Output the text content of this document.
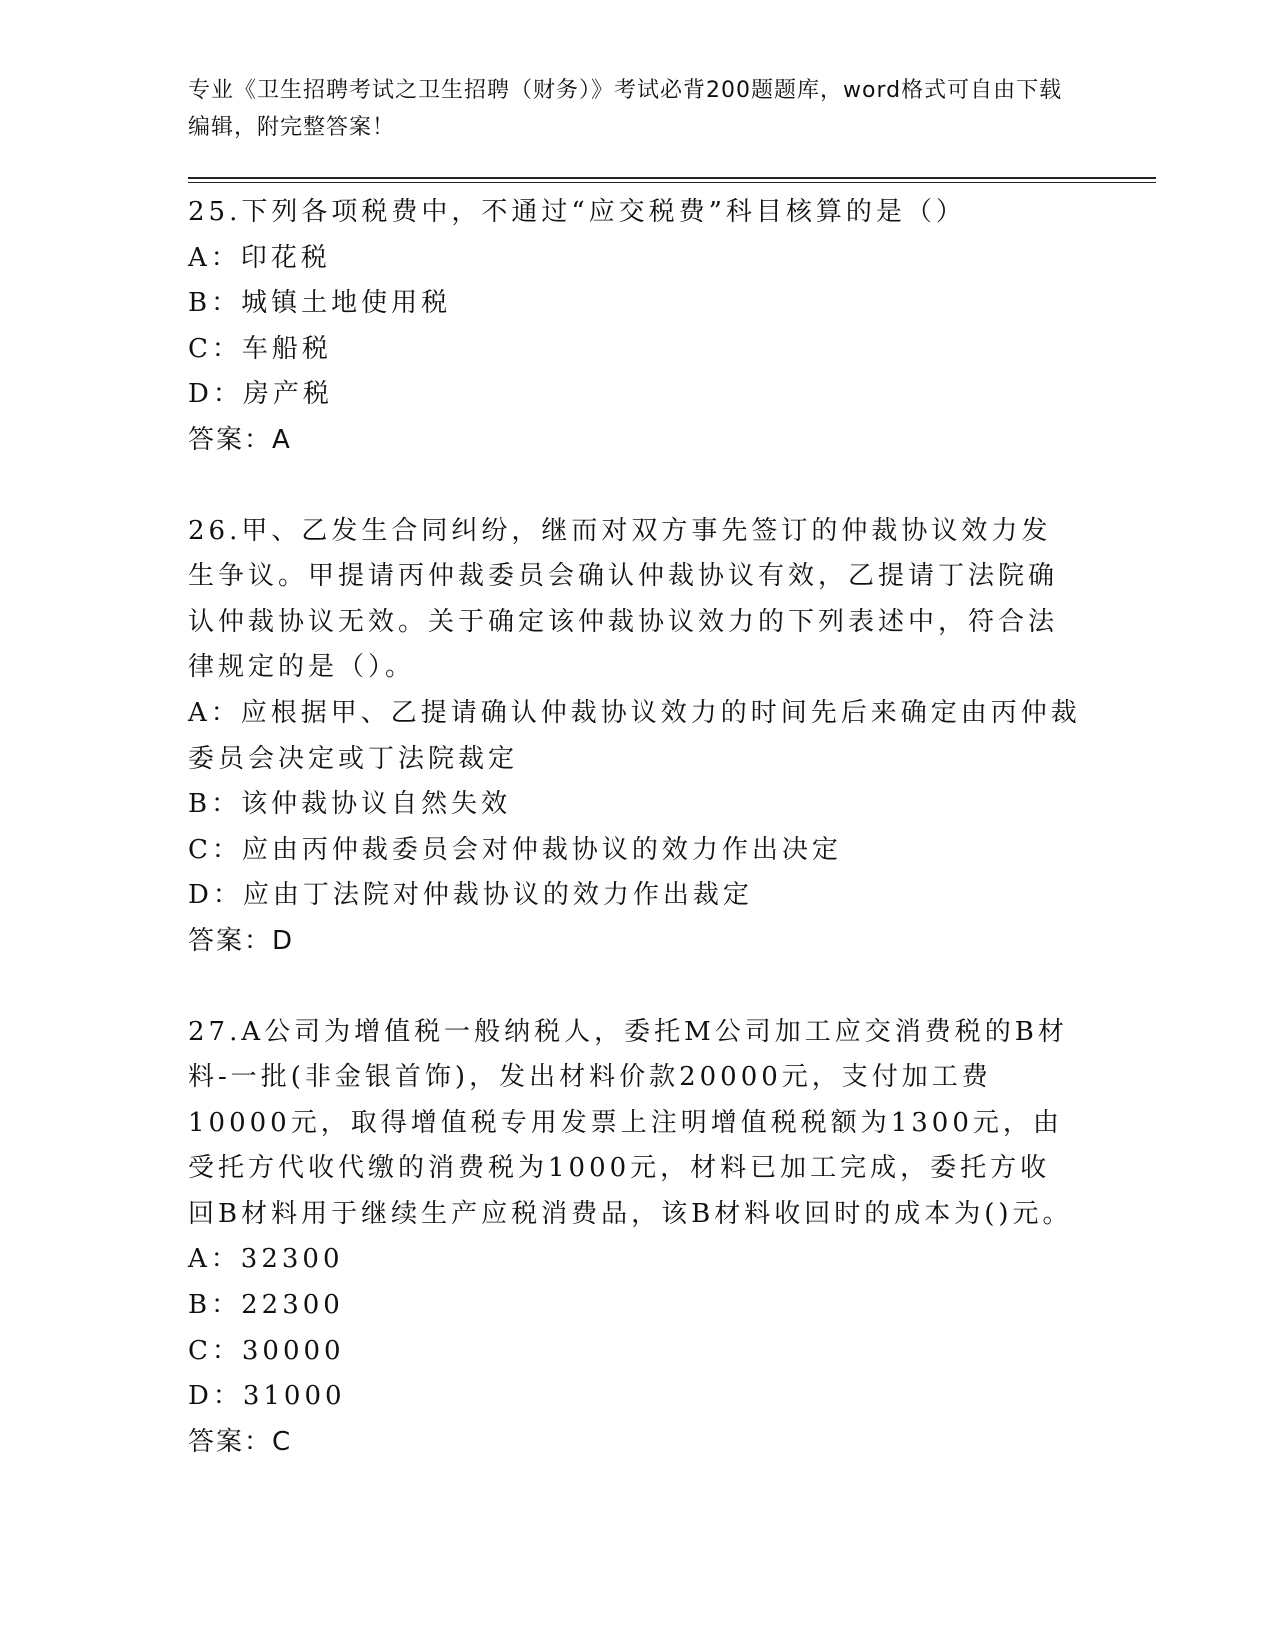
专业《卫生招聘考试之卫生招聘（财务）》考试必背200题题库，word格式可自由下载编辑，附完整答案！
25.下列各项税费中，不通过“应交税费”科目核算的是（）
A：印花税
B：城镇土地使用税
C：车船税
D：房产税
答案：A
26.甲、乙发生合同纠纷，继而对双方事先签订的仲裁协议效力发生争议。甲提请丙仲裁委员会确认仲裁协议有效，乙提请丁法院确认仲裁协议无效。关于确定该仲裁协议效力的下列表述中，符合法律规定的是（）。
A：应根据甲、乙提请确认仲裁协议效力的时间先后来确定由丙仲裁委员会决定或丁法院裁定
B：该仲裁协议自然失效
C：应由丙仲裁委员会对仲裁协议的效力作出决定
D：应由丁法院对仲裁协议的效力作出裁定
答案：D
27.A公司为增值税一般纳税人，委托M公司加工应交消费税的B材料-一批(非金银首饰)，发出材料价款20000元，支付加工费10000元，取得增值税专用发票上注明增值税税额为1300元，由受托方代收代缴的消费税为1000元，材料已加工完成，委托方收回B材料用于继续生产应税消费品，该B材料收回时的成本为()元。
A：32300
B：22300
C：30000
D：31000
答案：C
